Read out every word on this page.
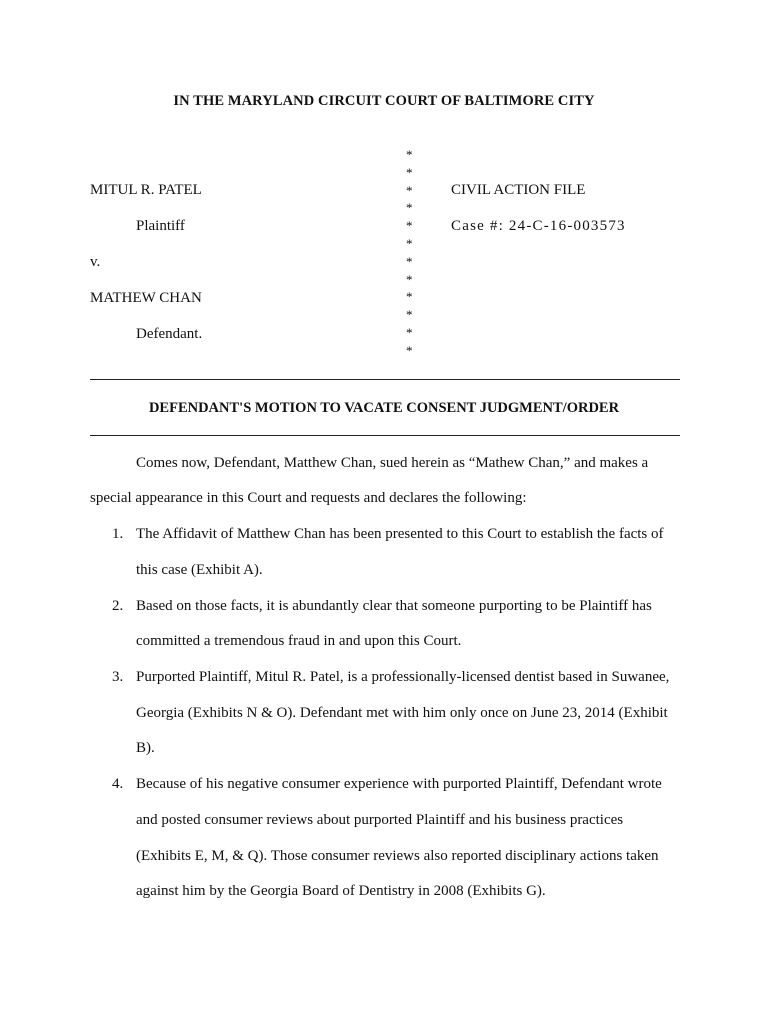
IN THE MARYLAND CIRCUIT COURT OF BALTIMORE CITY
MITUL R. PATEL
Plaintiff
v.
MATHEW CHAN
Defendant.
*
*
*
*
*
*
*
*
*
*
*
*
CIVIL ACTION FILE
Case #: 24-C-16-003573
DEFENDANT'S MOTION TO VACATE CONSENT JUDGMENT/ORDER
Comes now, Defendant, Matthew Chan, sued herein as “Mathew Chan,” and makes a
special appearance in this Court and requests and declares the following:
1. The Affidavit of Matthew Chan has been presented to this Court to establish the facts of
this case (Exhibit A).
2. Based on those facts, it is abundantly clear that someone purporting to be Plaintiff has
committed a tremendous fraud in and upon this Court.
3. Purported Plaintiff, Mitul R. Patel, is a professionally-licensed dentist based in Suwanee,
Georgia (Exhibits N & O). Defendant met with him only once on June 23, 2014 (Exhibit
B).
4. Because of his negative consumer experience with purported Plaintiff, Defendant wrote
and posted consumer reviews about purported Plaintiff and his business practices
(Exhibits E, M, & Q). Those consumer reviews also reported disciplinary actions taken
against him by the Georgia Board of Dentistry in 2008 (Exhibits G).
